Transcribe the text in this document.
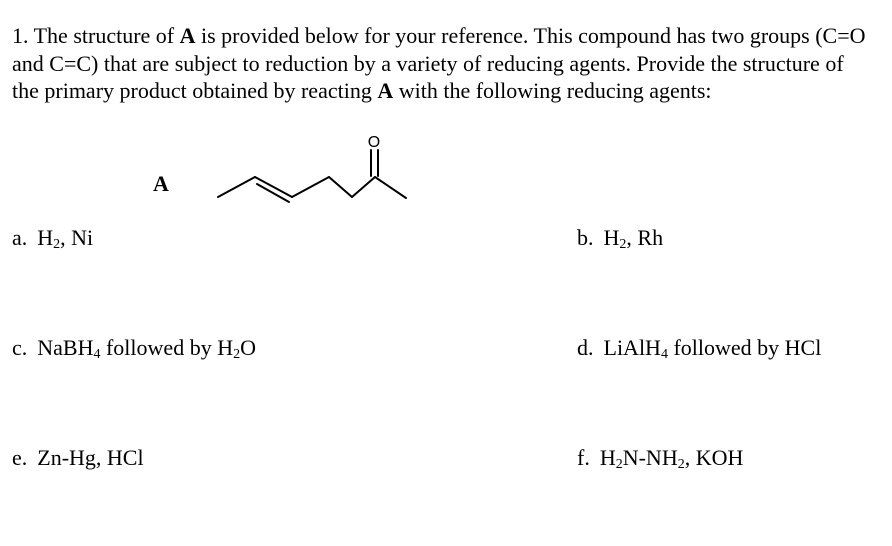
1. The structure of A is provided below for your reference. This compound has two groups (C=O and C=C) that are subject to reduction by a variety of reducing agents. Provide the structure of the primary product obtained by reacting A with the following reducing agents:

A
O
a. $H_2$, Ni	b. $H_2$, Rh
c. NaBH$_4$ followed by $H_2O$	d. LiAlH$_4$ followed by HCl
e. Zn-Hg, HCl	f. $H_2N-NH_2$, KOH
